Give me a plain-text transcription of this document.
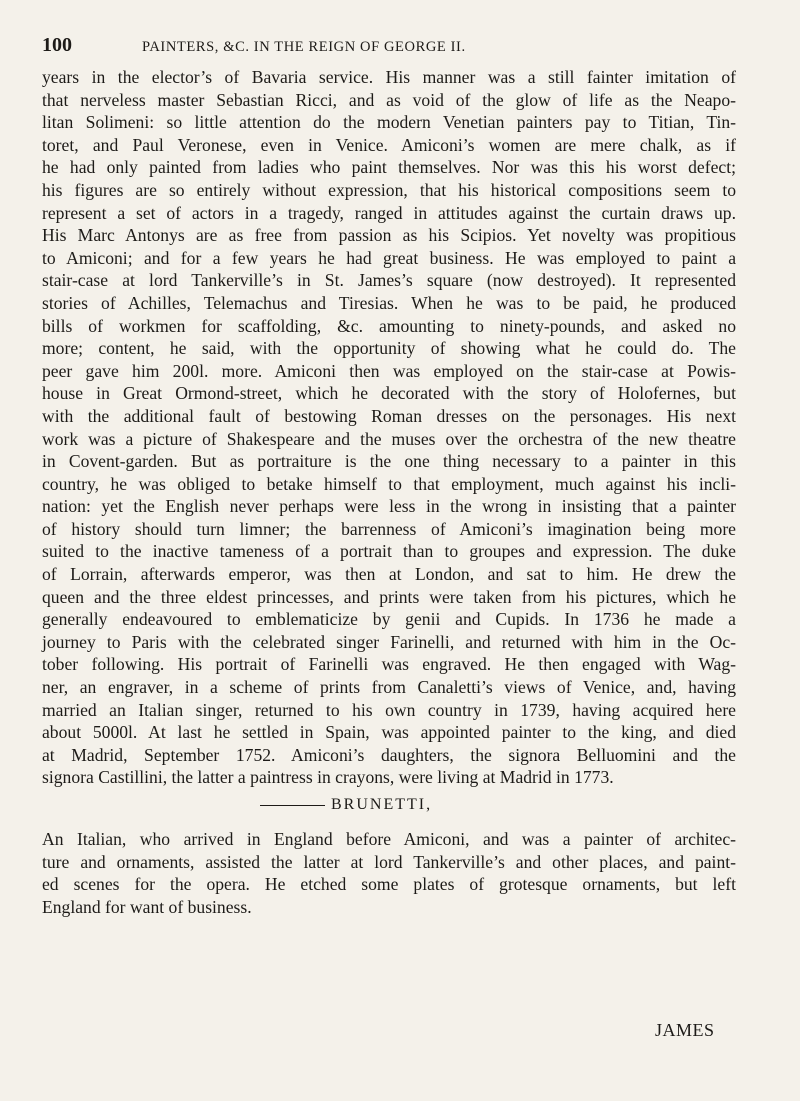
100	PAINTERS, &C. IN THE REIGN OF GEORGE II.
years in the elector’s of Bavaria service. His manner was a still fainter imitation of
that nerveless master Sebastian Ricci, and as void of the glow of life as the Neapo-
litan Solimeni: so little attention do the modern Venetian painters pay to Titian, Tin-
toret, and Paul Veronese, even in Venice. Amiconi’s women are mere chalk, as if
he had only painted from ladies who paint themselves. Nor was this his worst defect;
his figures are so entirely without expression, that his historical compositions seem to
represent a set of actors in a tragedy, ranged in attitudes against the curtain draws up.
His Marc Antonys are as free from passion as his Scipios. Yet novelty was propitious
to Amiconi; and for a few years he had great business. He was employed to paint a
stair-case at lord Tankerville’s in St. James’s square (now destroyed). It represented
stories of Achilles, Telemachus and Tiresias. When he was to be paid, he produced
bills of workmen for scaffolding, &c. amounting to ninety-pounds, and asked no
more; content, he said, with the opportunity of showing what he could do. The
peer gave him 200l. more. Amiconi then was employed on the stair-case at Powis-
house in Great Ormond-street, which he decorated with the story of Holofernes, but
with the additional fault of bestowing Roman dresses on the personages. His next
work was a picture of Shakespeare and the muses over the orchestra of the new theatre
in Covent-garden. But as portraiture is the one thing necessary to a painter in this
country, he was obliged to betake himself to that employment, much against his incli-
nation: yet the English never perhaps were less in the wrong in insisting that a painter
of history should turn limner; the barrenness of Amiconi’s imagination being more
suited to the inactive tameness of a portrait than to groupes and expression. The duke
of Lorrain, afterwards emperor, was then at London, and sat to him. He drew the
queen and the three eldest princesses, and prints were taken from his pictures, which he
generally endeavoured to emblematicize by genii and Cupids. In 1736 he made a
journey to Paris with the celebrated singer Farinelli, and returned with him in the Oc-
tober following. His portrait of Farinelli was engraved. He then engaged with Wag-
ner, an engraver, in a scheme of prints from Canaletti’s views of Venice, and, having
married an Italian singer, returned to his own country in 1739, having acquired here
about 5000l. At last he settled in Spain, was appointed painter to the king, and died
at Madrid, September 1752. Amiconi’s daughters, the signora Belluomini and the
signora Castillini, the latter a paintress in crayons, were living at Madrid in 1773.
BRUNETTI,
An Italian, who arrived in England before Amiconi, and was a painter of architec-
ture and ornaments, assisted the latter at lord Tankerville’s and other places, and paint-
ed scenes for the opera. He etched some plates of grotesque ornaments, but left
England for want of business.
JAMES
